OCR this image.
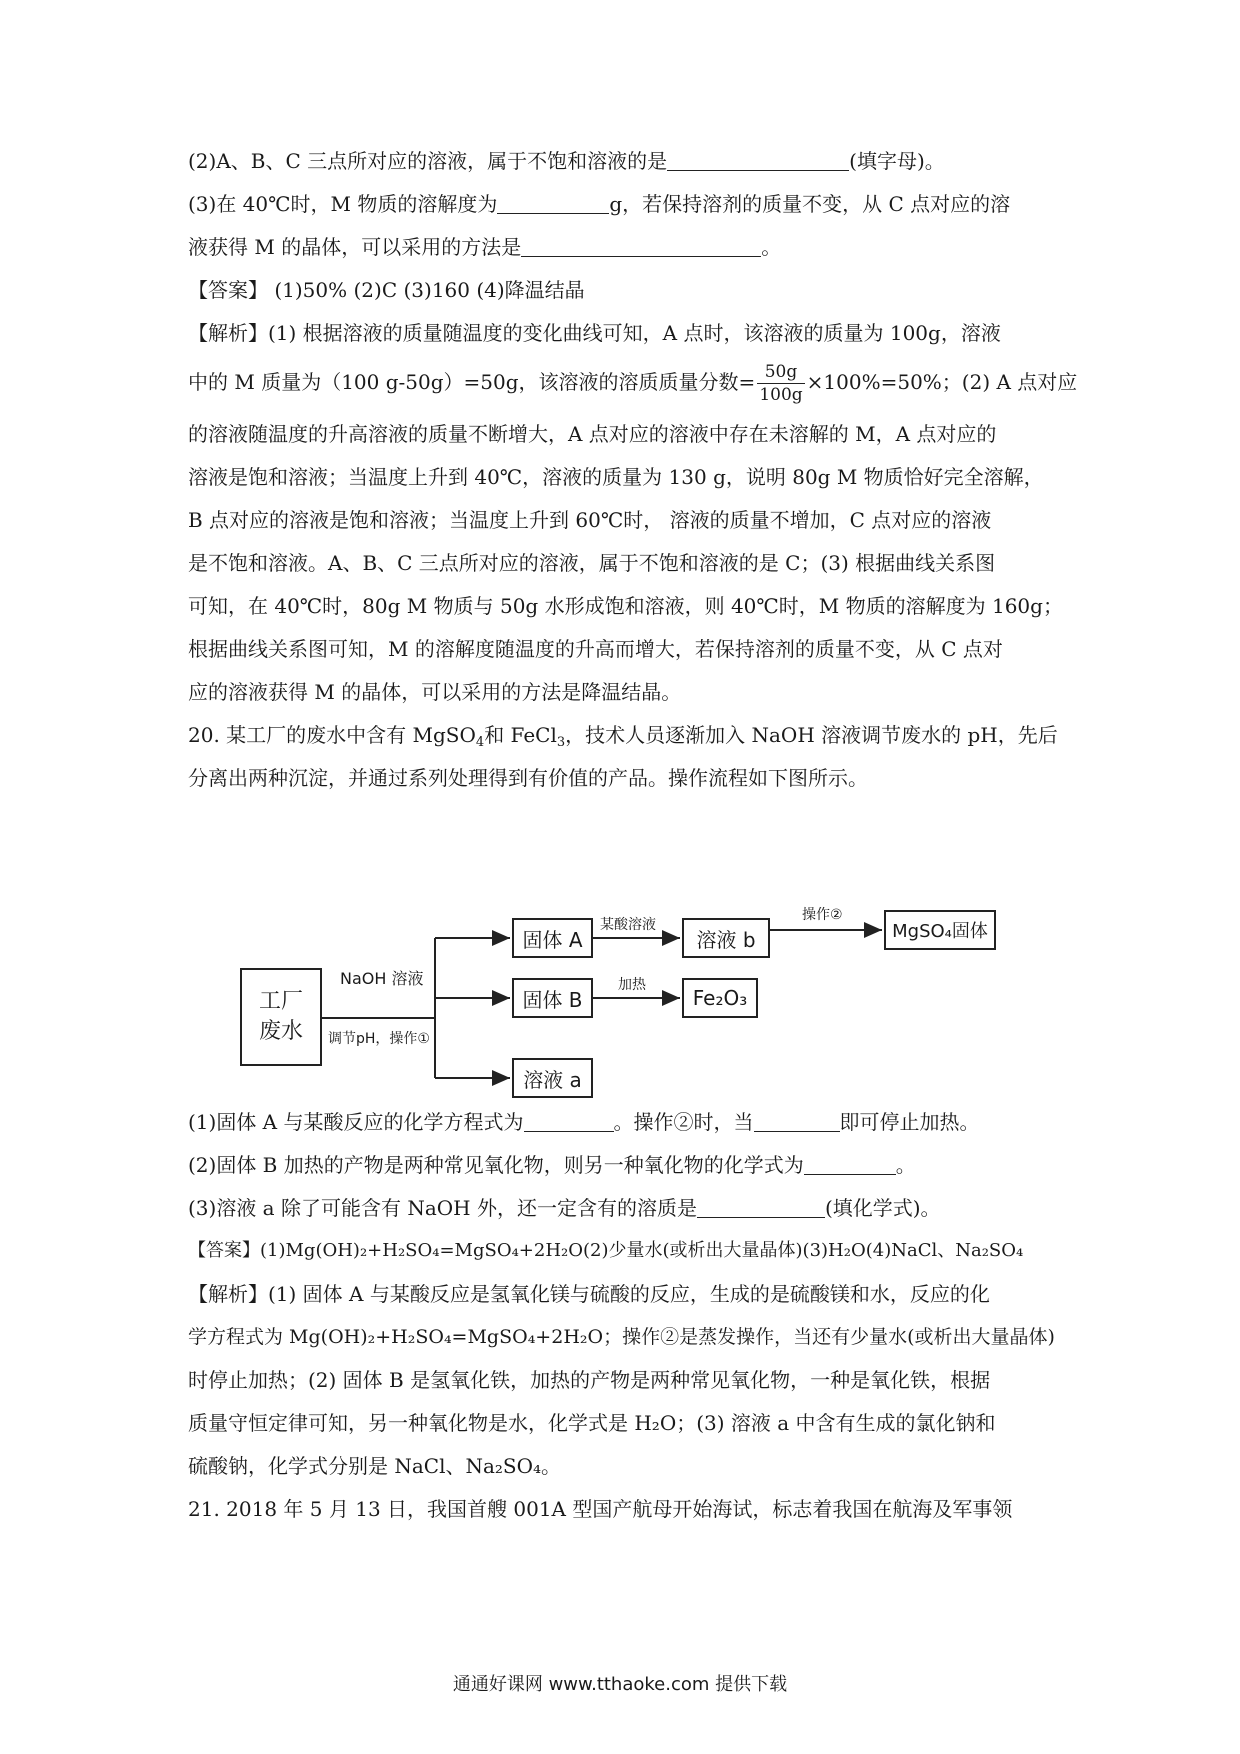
(2)A、B、C 三点所对应的溶液，属于不饱和溶液的是	(填字母)。
(3)在 40℃时，M 物质的溶解度为	g，若保持溶剂的质量不变，从 C 点对应的溶
液获得 M 的晶体，可以采用的方法是	。
【答案】 (1)50% (2)C (3)160 (4)降温结晶
【解析】(1) 根据溶液的质量随温度的变化曲线可知，A 点时，该溶液的质量为 100g，溶液
中的 M 质量为（100 g-50g）=50g，该溶液的溶质质量分数= $\frac{50g}{100g} \times 100\%=50\%$；(2) A 点对应
的溶液随温度的升高溶液的质量不断增大，A 点对应的溶液中存在未溶解的 M，A 点对应的
溶液是饱和溶液；当温度上升到 40℃，溶液的质量为 130 g，说明 80g M 物质恰好完全溶解，
B 点对应的溶液是饱和溶液；当温度上升到 60℃时， 溶液的质量不增加，C 点对应的溶液
是不饱和溶液。A、B、C 三点所对应的溶液，属于不饱和溶液的是 C；(3) 根据曲线关系图
可知，在 40℃时，80g M 物质与 50g 水形成饱和溶液，则 40℃时，M 物质的溶解度为 160g；
根据曲线关系图可知，M 的溶解度随温度的升高而增大，若保持溶剂的质量不变，从 C 点对
应的溶液获得 M 的晶体，可以采用的方法是降温结晶。
20. 某工厂的废水中含有 MgSO$_4$和 FeCl$_3$，技术人员逐渐加入 NaOH 溶液调节废水的 pH，先后
分离出两种沉淀，并通过系列处理得到有价值的产品。操作流程如下图所示。
工厂
废水
NaOH 溶液
调节pH，操作①
固体 A
某酸溶液
溶液 b
操作②
MgSO₄固体
固体 B
加热
Fe₂O₃
溶液 a
(1)固体 A 与某酸反应的化学方程式为	。操作②时，当	即可停止加热。
(2)固体 B 加热的产物是两种常见氧化物，则另一种氧化物的化学式为	。
(3)溶液 a 除了可能含有 NaOH 外，还一定含有的溶质是	(填化学式)。
【答案】(1)Mg(OH)₂+H₂SO₄=MgSO₄+2H₂O(2)少量水(或析出大量晶体)(3)H₂O(4)NaCl、Na₂SO₄
【解析】(1) 固体 A 与某酸反应是氢氧化镁与硫酸的反应，生成的是硫酸镁和水，反应的化
学方程式为 Mg(OH)₂+H₂SO₄=MgSO₄+2H₂O；操作②是蒸发操作，当还有少量水(或析出大量晶体)
时停止加热；(2) 固体 B 是氢氧化铁，加热的产物是两种常见氧化物，一种是氧化铁，根据
质量守恒定律可知，另一种氧化物是水，化学式是 H₂O；(3) 溶液 a 中含有生成的氯化钠和
硫酸钠，化学式分别是 NaCl、Na₂SO₄。
21. 2018 年 5 月 13 日，我国首艘 001A 型国产航母开始海试，标志着我国在航海及军事领
通通好课网 www.tthaoke.com 提供下载
